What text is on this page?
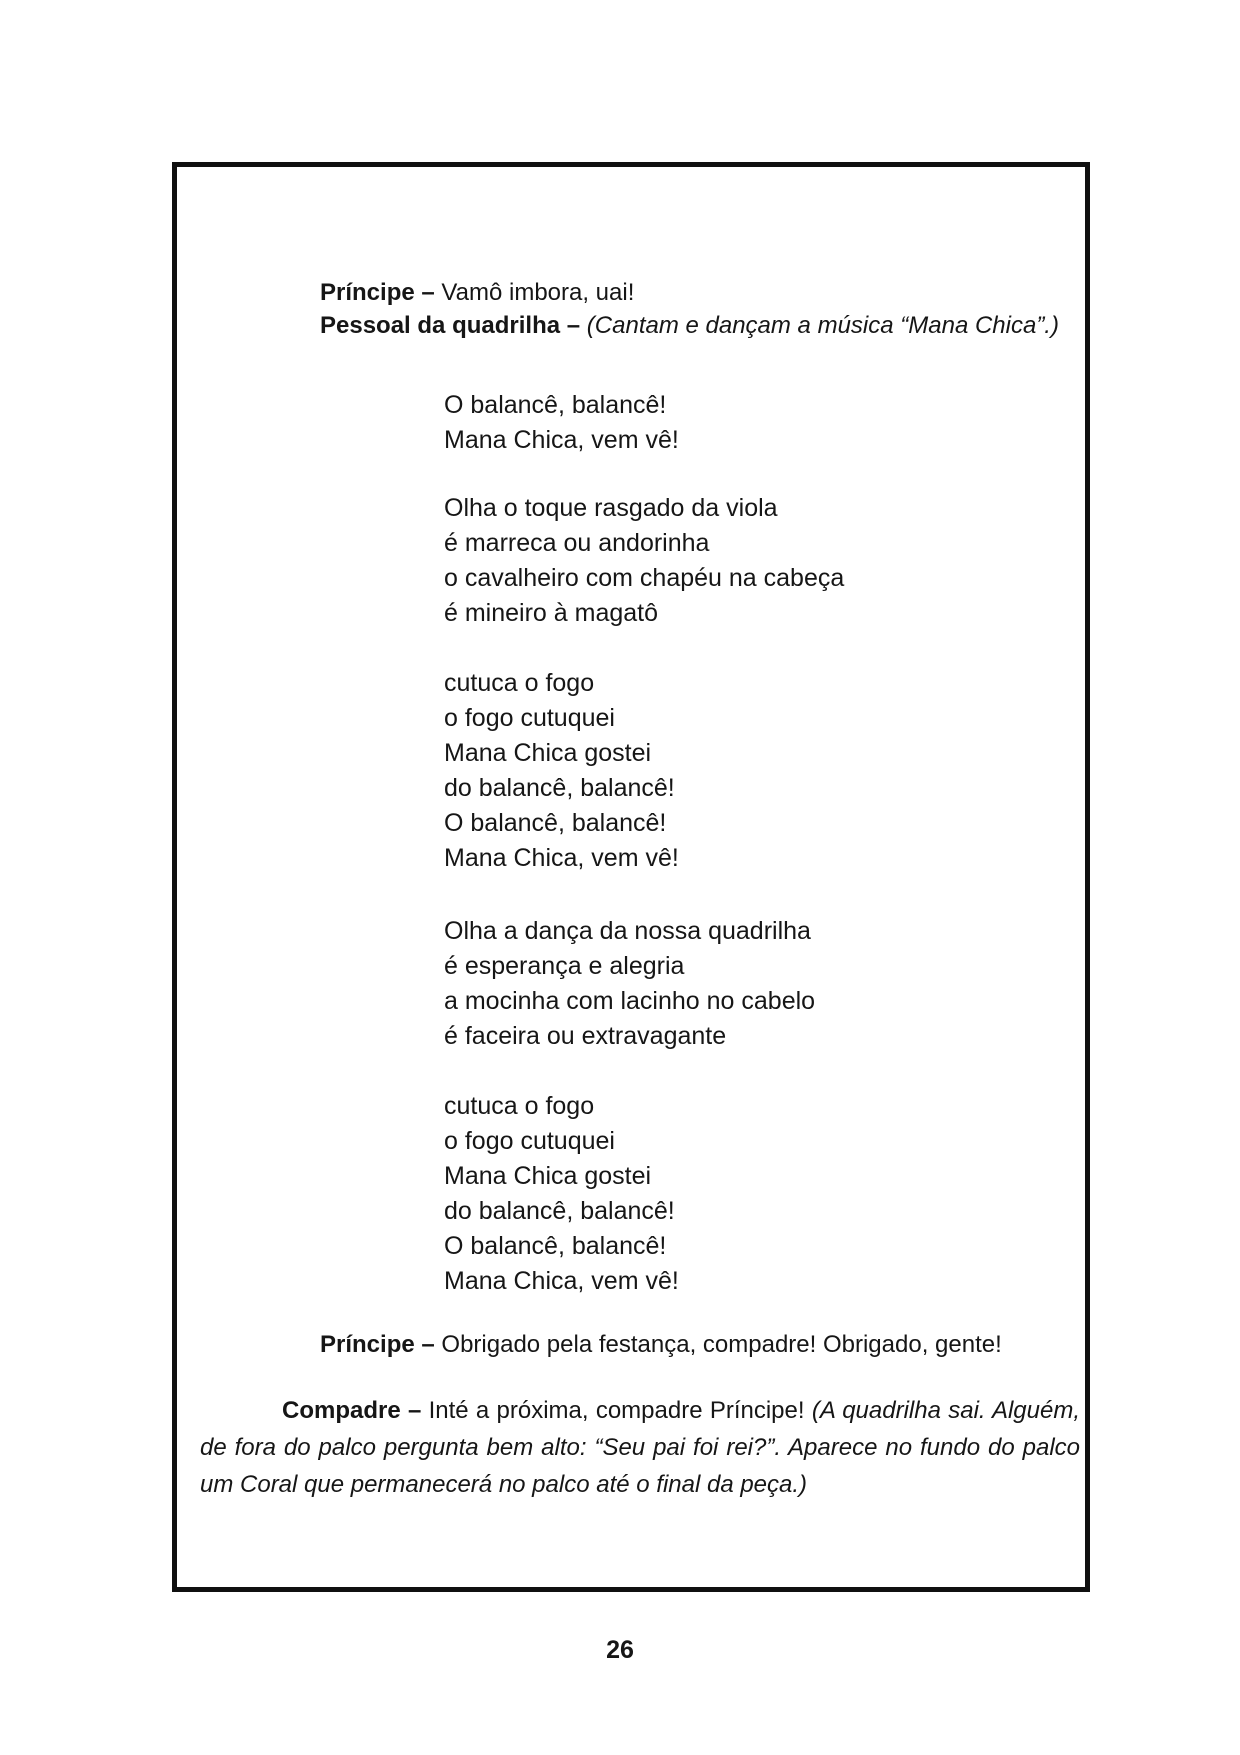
Príncipe – Vamô imbora, uai!

Pessoal da quadrilha – (Cantam e dançam a música “Mana Chica”.)

O balancê, balancê!

Mana Chica, vem vê!

Olha o toque rasgado da viola

é marreca ou andorinha

o cavalheiro com chapéu na cabeça

é mineiro à magatô

cutuca o fogo

o fogo cutuquei

Mana Chica gostei

do balancê, balancê!

O balancê, balancê!

Mana Chica, vem vê!

Olha a dança da nossa quadrilha

é esperança e alegria

a mocinha com lacinho no cabelo

é faceira ou extravagante

cutuca o fogo

o fogo cutuquei

Mana Chica gostei

do balancê, balancê!

O balancê, balancê!

Mana Chica, vem vê!

Príncipe – Obrigado pela festança, compadre! Obrigado, gente!

Compadre – Inté a próxima, compadre Príncipe! (A quadrilha sai. Alguém, de fora do palco pergunta bem alto: “Seu pai foi rei?”. Aparece no fundo do palco um Coral que permanecerá no palco até o final da peça.)

26
